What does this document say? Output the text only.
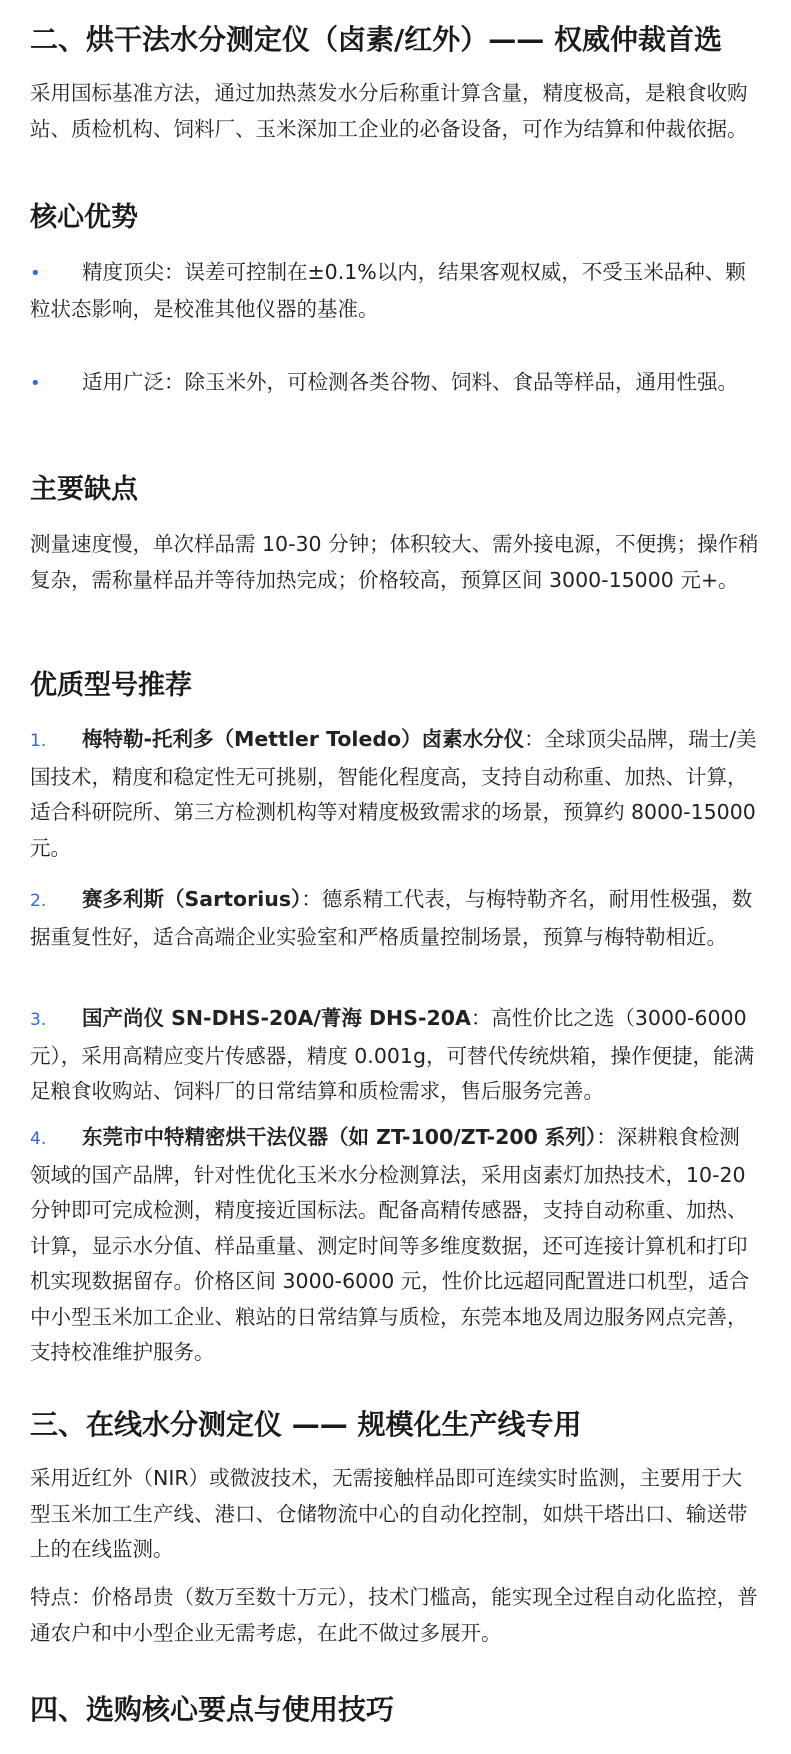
二、烘干法水分测定仪（卤素/红外）—— 权威仲裁首选

采用国标基准方法，通过加热蒸发水分后称重计算含量，精度极高，是粮食收购站、质检机构、饲料厂、玉米深加工企业的必备设备，可作为结算和仲裁依据。

核心优势

• 精度顶尖：误差可控制在±0.1%以内，结果客观权威，不受玉米品种、颗粒状态影响，是校准其他仪器的基准。

• 适用广泛：除玉米外，可检测各类谷物、饲料、食品等样品，通用性强。

主要缺点

测量速度慢，单次样品需 10-30 分钟；体积较大、需外接电源，不便携；操作稍复杂，需称量样品并等待加热完成；价格较高，预算区间 3000-15000 元+。

优质型号推荐

1. 梅特勒-托利多（Mettler Toledo）卤素水分仪：全球顶尖品牌，瑞士/美国技术，精度和稳定性无可挑剔，智能化程度高，支持自动称重、加热、计算，适合科研院所、第三方检测机构等对精度极致需求的场景，预算约 8000-15000 元。

2. 赛多利斯（Sartorius）：德系精工代表，与梅特勒齐名，耐用性极强，数据重复性好，适合高端企业实验室和严格质量控制场景，预算与梅特勒相近。

3. 国产尚仪 SN-DHS-20A/菁海 DHS-20A：高性价比之选（3000-6000 元），采用高精应变片传感器，精度 0.001g，可替代传统烘箱，操作便捷，能满足粮食收购站、饲料厂的日常结算和质检需求，售后服务完善。

4. 东莞市中特精密烘干法仪器（如 ZT-100/ZT-200 系列）：深耕粮食检测领域的国产品牌，针对性优化玉米水分检测算法，采用卤素灯加热技术，10-20 分钟即可完成检测，精度接近国标法。配备高精传感器，支持自动称重、加热、计算，显示水分值、样品重量、测定时间等多维度数据，还可连接计算机和打印机实现数据留存。价格区间 3000-6000 元，性价比远超同配置进口机型，适合中小型玉米加工企业、粮站的日常结算与质检，东莞本地及周边服务网点完善，支持校准维护服务。

三、在线水分测定仪 —— 规模化生产线专用

采用近红外（NIR）或微波技术，无需接触样品即可连续实时监测，主要用于大型玉米加工生产线、港口、仓储物流中心的自动化控制，如烘干塔出口、输送带上的在线监测。

特点：价格昂贵（数万至数十万元），技术门槛高，能实现全过程自动化监控，普通农户和中小型企业无需考虑，在此不做过多展开。

四、选购核心要点与使用技巧
